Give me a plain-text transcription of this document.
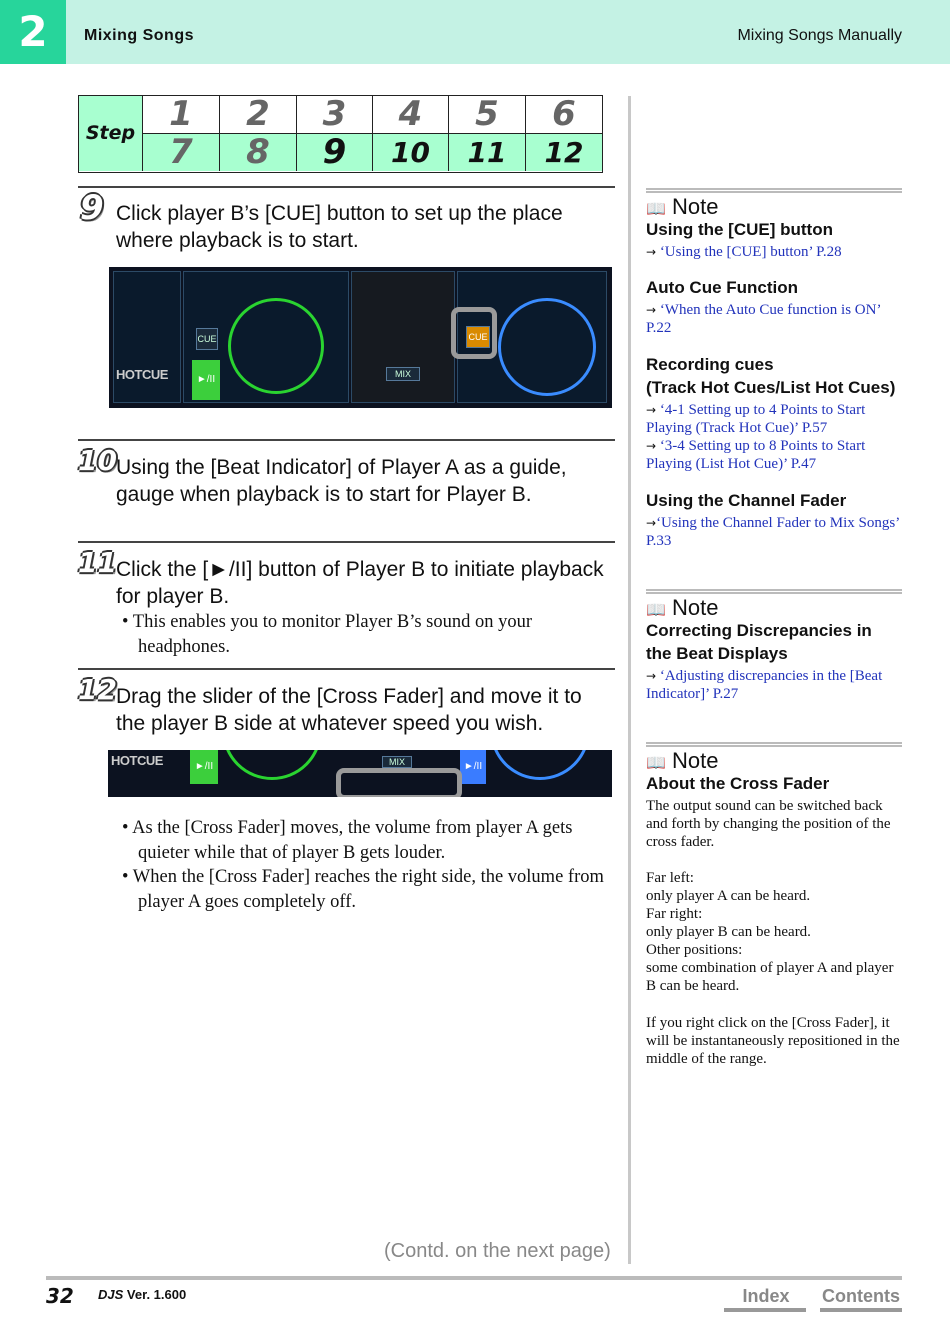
2	Mixing Songs	Mixing Songs Manually
Step	1	2	3	4	5	6
7	8	9	10	11	12
9 Click player B’s [CUE] button to set up the place where playback is to start.
HOTCUE
CUE
►/II	MIX
CUE
10 Using the [Beat Indicator] of Player A as a guide, gauge when playback is to start for Player B.
11 Click the [►/II] button of Player B to initiate playback for player B.
• This enables you to monitor Player B’s sound on your headphones.
12 Drag the slider of the [Cross Fader] and move it to the player B side at whatever speed you wish.
HOTCUE	►/II	MIX	►/II
• As the [Cross Fader] moves, the volume from player A gets quieter while that of player B gets louder.
• When the [Cross Fader] reaches the right side, the volume from player A goes completely off.
(Contd. on the next page)
📖 Note
Using the [CUE] button
→ ‘Using the [CUE] button’ P.28
Auto Cue Function
→ ‘When the Auto Cue function is ON’ P.22
Recording cues
(Track Hot Cues/List Hot Cues)
→ ‘4-1 Setting up to 4 Points to Start Playing (Track Hot Cue)’ P.57
→ ‘3-4 Setting up to 8 Points to Start Playing (List Hot Cue)’ P.47
Using the Channel Fader
→‘Using the Channel Fader to Mix Songs’ P.33
📖 Note
Correcting Discrepancies in the Beat Displays
→ ‘Adjusting discrepancies in the [Beat Indicator]’ P.27
📖 Note
About the Cross Fader
The output sound can be switched back and forth by changing the position of the cross fader.
Far left:
only player A can be heard.
Far right:
only player B can be heard.
Other positions:
some combination of player A and player B can be heard.
If you right click on the [Cross Fader], it will be instantaneously repositioned in the middle of the range.
32 DJS Ver. 1.600	Index	Contents
